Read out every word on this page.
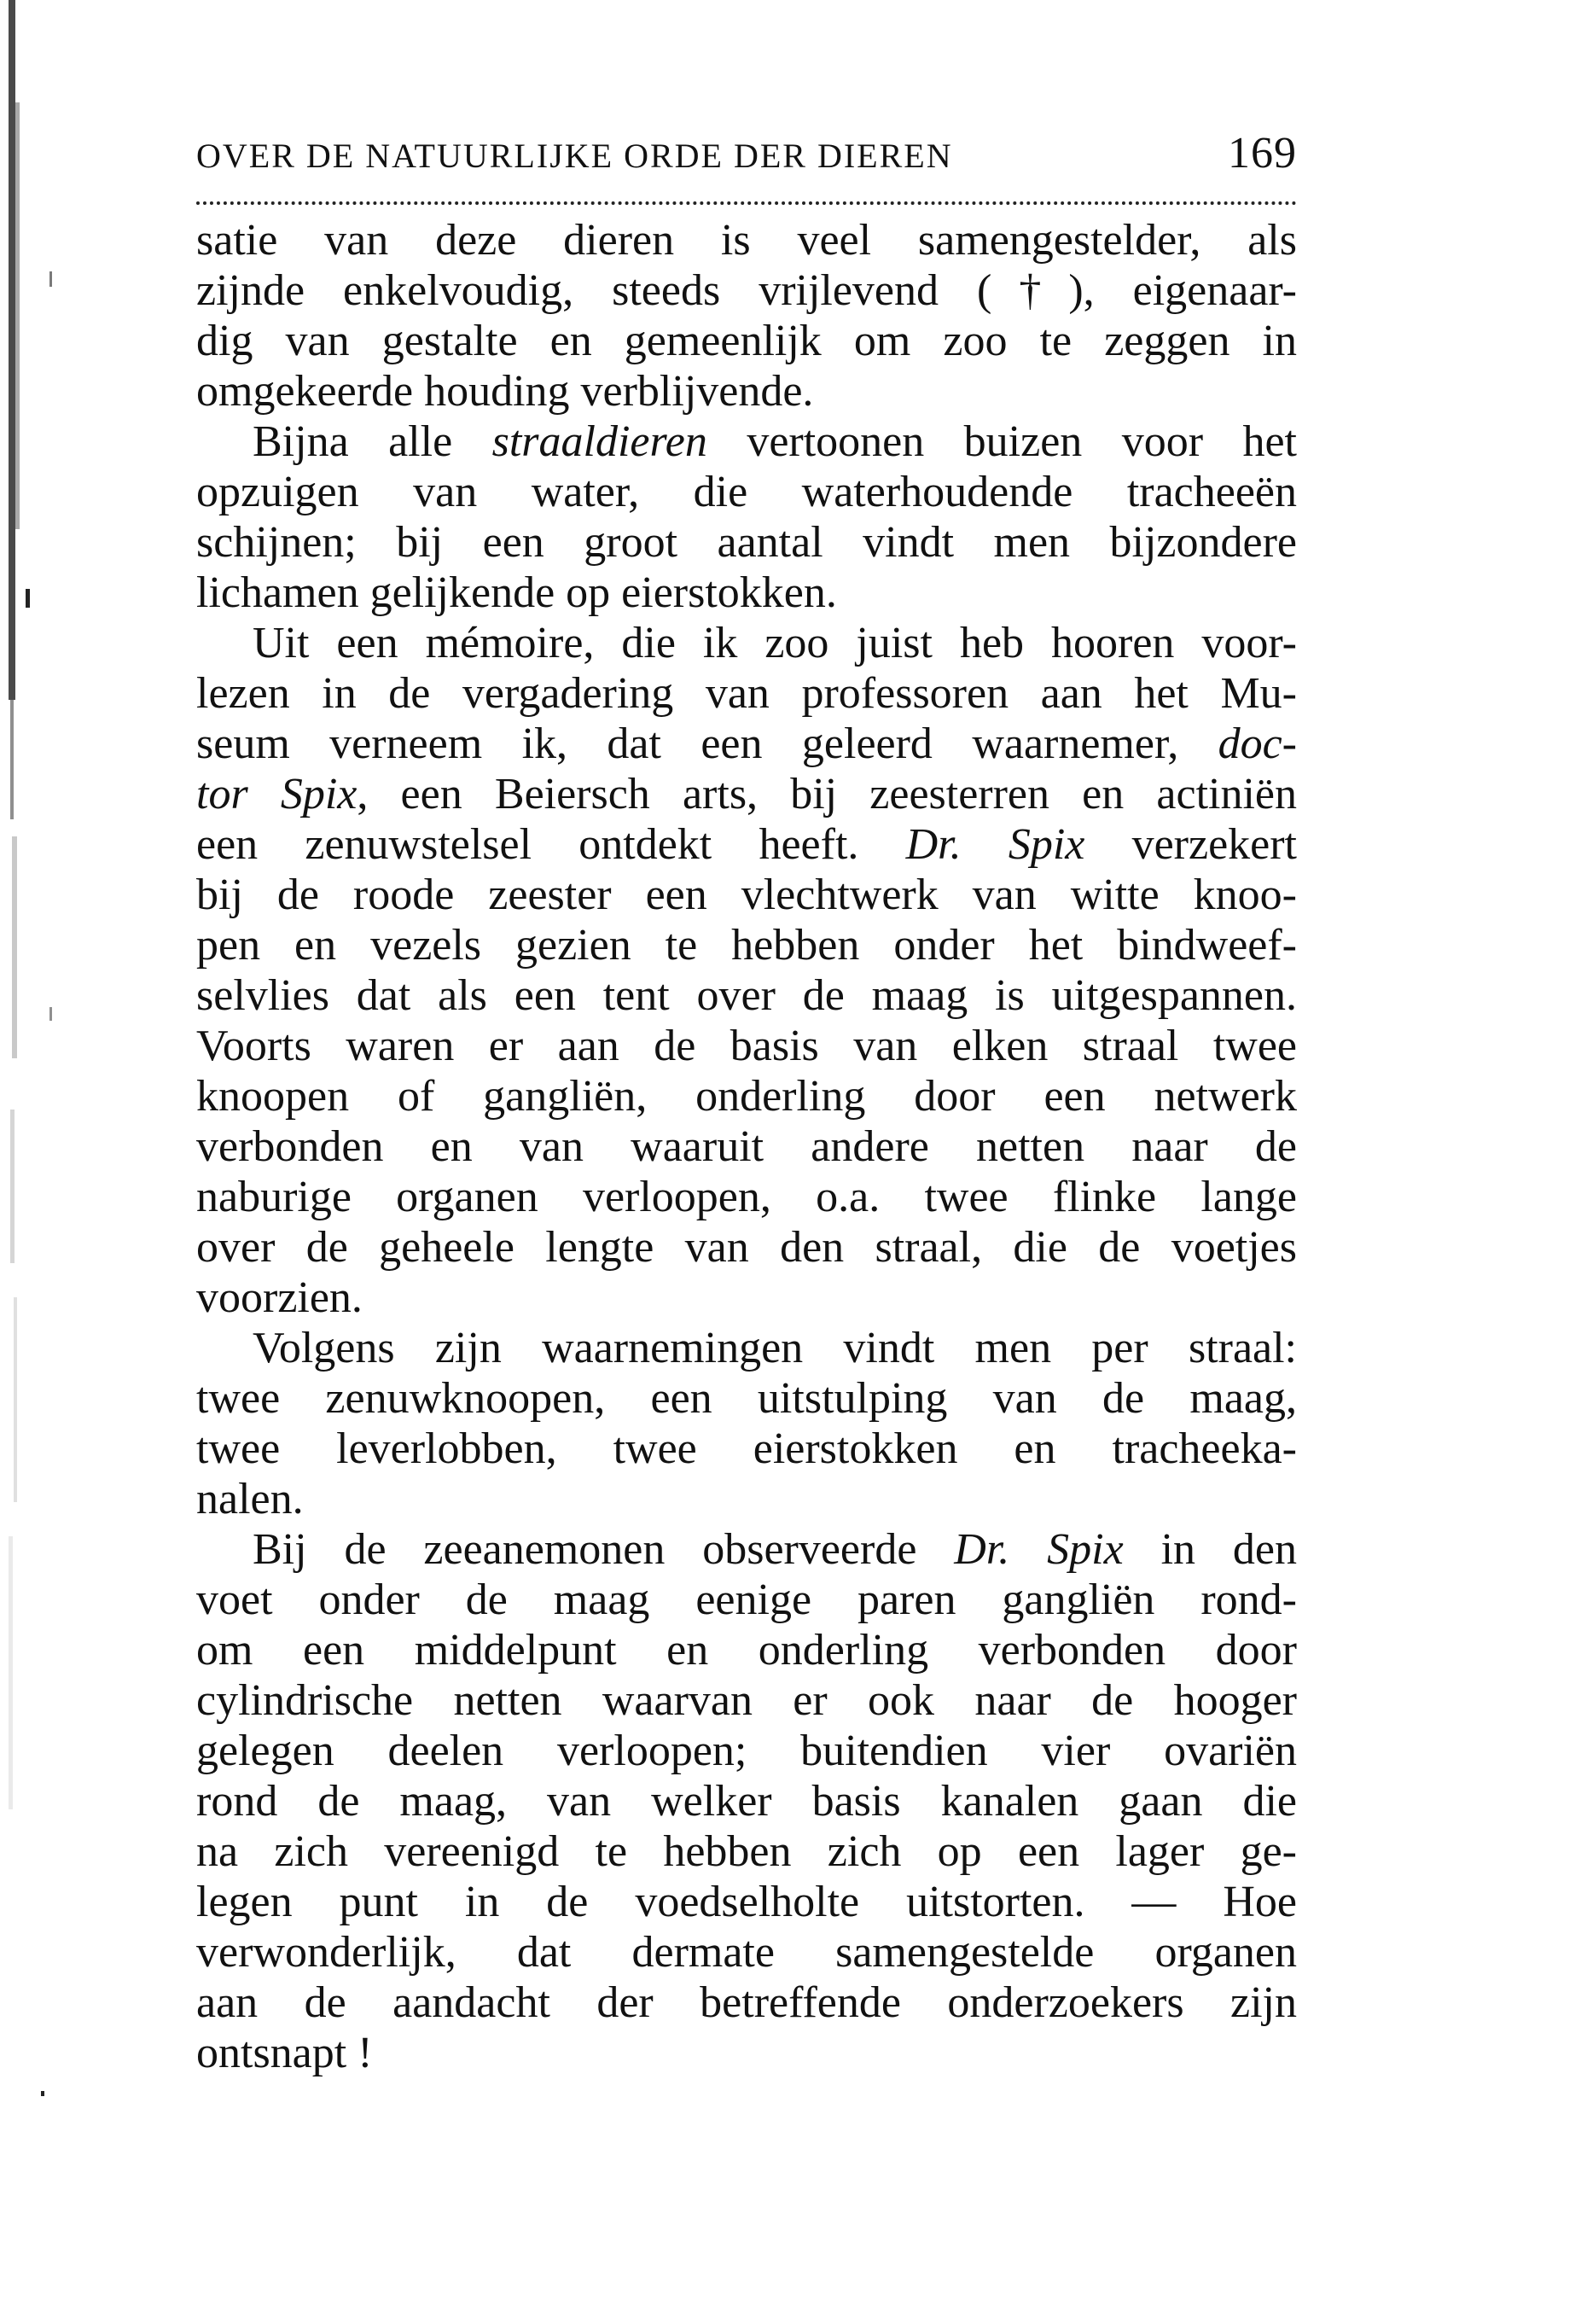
OVER DE NATUURLIJKE ORDE DER DIEREN	169
satie van deze dieren is veel samengestelder, als
zijnde enkelvoudig, steeds vrijlevend (†), eigenaar-
dig van gestalte en gemeenlijk om zoo te zeggen in
omgekeerde houding verblijvende.
Bijna alle straaldieren vertoonen buizen voor het
opzuigen van water, die waterhoudende tracheeën
schijnen; bij een groot aantal vindt men bijzondere
lichamen gelijkende op eierstokken.
Uit een mémoire, die ik zoo juist heb hooren voor-
lezen in de vergadering van professoren aan het Mu-
seum verneem ik, dat een geleerd waarnemer, doc-
tor Spix, een Beiersch arts, bij zeesterren en actiniën
een zenuwstelsel ontdekt heeft. Dr. Spix verzekert
bij de roode zeester een vlechtwerk van witte knoo-
pen en vezels gezien te hebben onder het bindweef-
selvlies dat als een tent over de maag is uitgespannen.
Voorts waren er aan de basis van elken straal twee
knoopen of gangliën, onderling door een netwerk
verbonden en van waaruit andere netten naar de
naburige organen verloopen, o.a. twee flinke lange
over de geheele lengte van den straal, die de voetjes
voorzien.
Volgens zijn waarnemingen vindt men per straal:
twee zenuwknoopen, een uitstulping van de maag,
twee leverlobben, twee eierstokken en tracheeka-
nalen.
Bij de zeeanemonen observeerde Dr. Spix in den
voet onder de maag eenige paren gangliën rond-
om een middelpunt en onderling verbonden door
cylindrische netten waarvan er ook naar de hooger
gelegen deelen verloopen; buitendien vier ovariën
rond de maag, van welker basis kanalen gaan die
na zich vereenigd te hebben zich op een lager ge-
legen punt in de voedselholte uitstorten. — Hoe
verwonderlijk, dat dermate samengestelde organen
aan de aandacht der betreffende onderzoekers zijn
ontsnapt !
